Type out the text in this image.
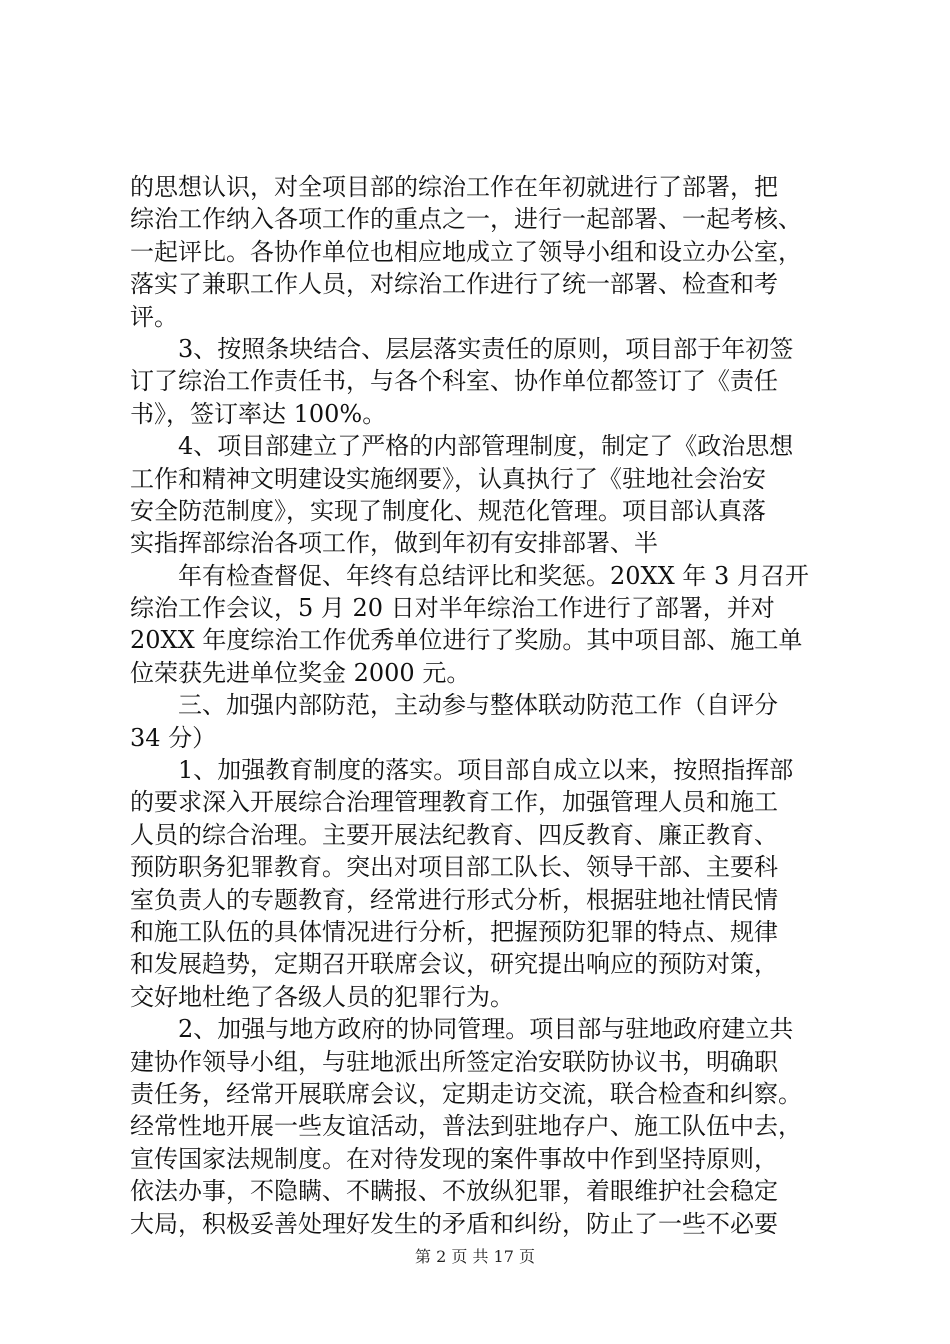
的思想认识，对全项目部的综治工作在年初就进行了部署，把
综治工作纳入各项工作的重点之一，进行一起部署、一起考核、
一起评比。各协作单位也相应地成立了领导小组和设立办公室，
落实了兼职工作人员，对综治工作进行了统一部署、检查和考
评。
　　3、按照条块结合、层层落实责任的原则，项目部于年初签
订了综治工作责任书，与各个科室、协作单位都签订了《责任
书》，签订率达 100%。
　　4、项目部建立了严格的内部管理制度，制定了《政治思想
工作和精神文明建设实施纲要》，认真执行了《驻地社会治安
安全防范制度》，实现了制度化、规范化管理。项目部认真落
实指挥部综治各项工作，做到年初有安排部署、半
　　年有检查督促、年终有总结评比和奖惩。20XX 年 3 月召开
综治工作会议，5 月 20 日对半年综治工作进行了部署，并对
20XX 年度综治工作优秀单位进行了奖励。其中项目部、施工单
位荣获先进单位奖金 2000 元。
　　三、加强内部防范，主动参与整体联动防范工作（自评分
34 分）
　　1、加强教育制度的落实。项目部自成立以来，按照指挥部
的要求深入开展综合治理管理教育工作，加强管理人员和施工
人员的综合治理。主要开展法纪教育、四反教育、廉正教育、
预防职务犯罪教育。突出对项目部工队长、领导干部、主要科
室负责人的专题教育，经常进行形式分析，根据驻地社情民情
和施工队伍的具体情况进行分析，把握预防犯罪的特点、规律
和发展趋势，定期召开联席会议，研究提出响应的预防对策，
交好地杜绝了各级人员的犯罪行为。
　　2、加强与地方政府的协同管理。项目部与驻地政府建立共
建协作领导小组，与驻地派出所签定治安联防协议书，明确职
责任务，经常开展联席会议，定期走访交流，联合检查和纠察。
经常性地开展一些友谊活动，普法到驻地存户、施工队伍中去，
宣传国家法规制度。在对待发现的案件事故中作到坚持原则，
依法办事，不隐瞒、不瞒报、不放纵犯罪，着眼维护社会稳定
大局，积极妥善处理好发生的矛盾和纠纷，防止了一些不必要
第 2 页 共 17 页
